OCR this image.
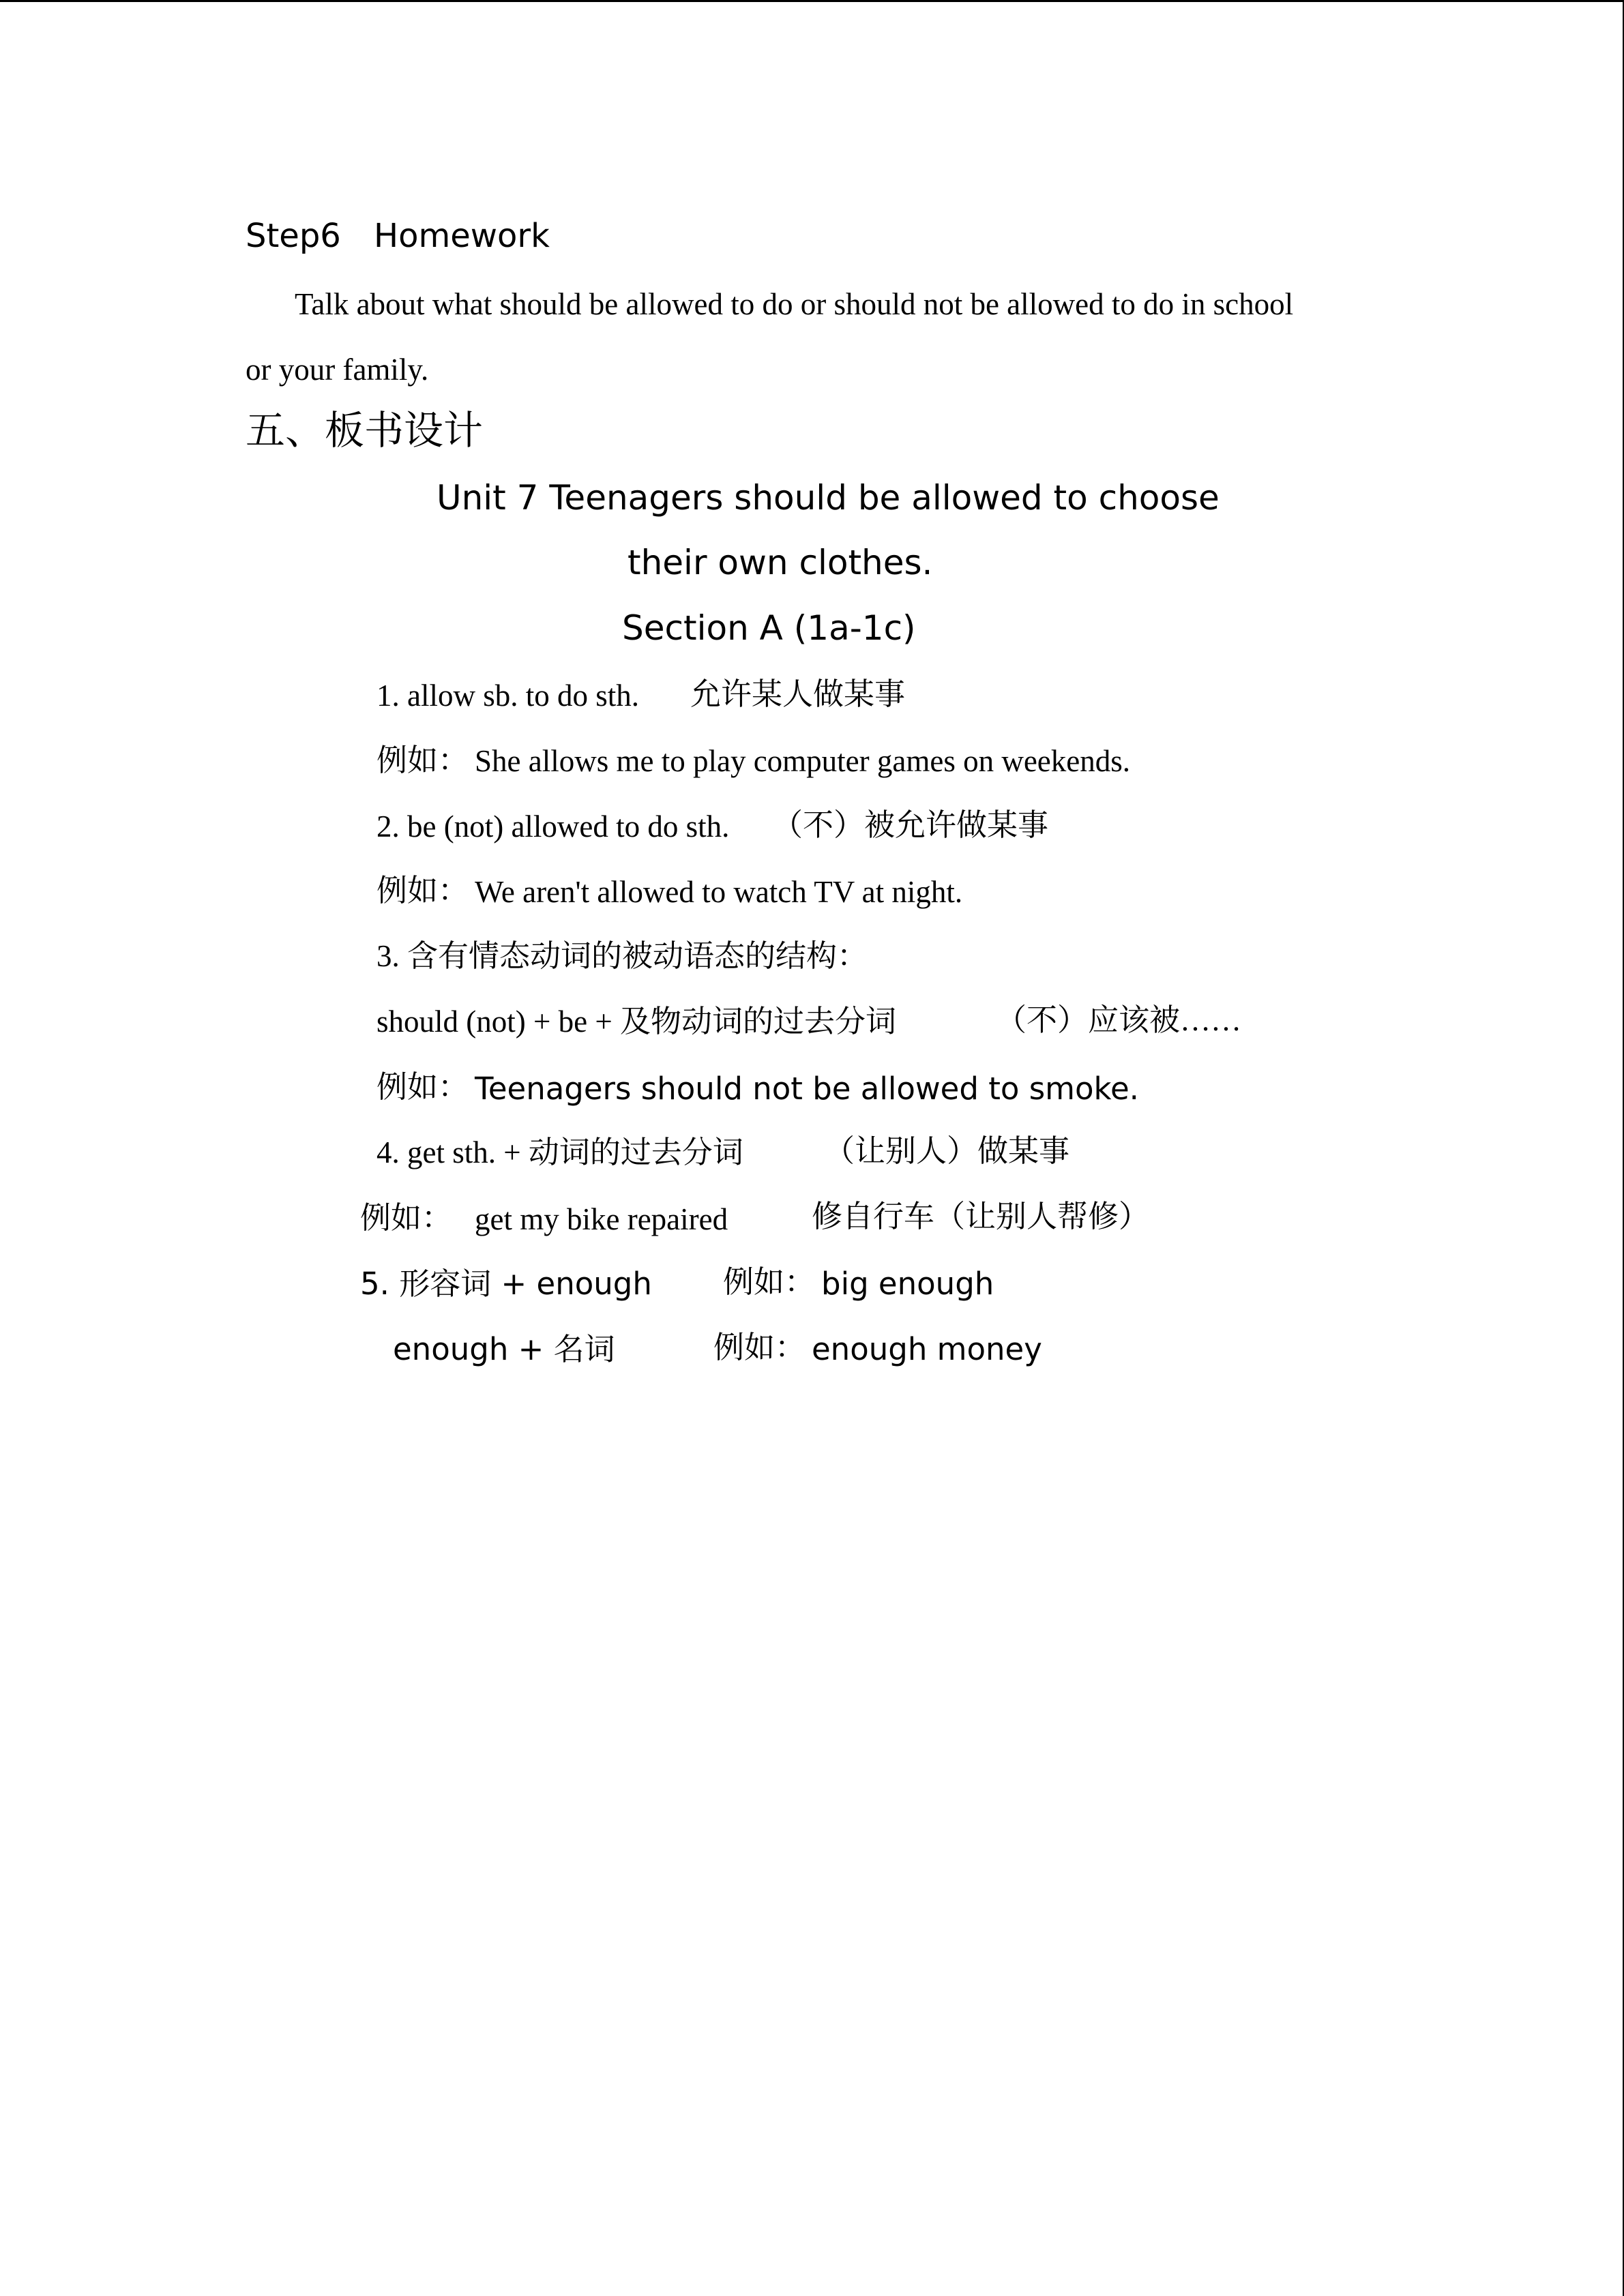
Step6 Homework
Talk about what should be allowed to do or should not be allowed to do in school
or your family.
五、板书设计
Unit 7 Teenagers should be allowed to choose
their own clothes.
Section A (1a-1c)
1. allow sb. to do sth. 允许某人做某事
例如： She allows me to play computer games on weekends.
2. be (not) allowed to do sth. （不）被允许做某事
例如： We aren't allowed to watch TV at night.
3. 含有情态动词的被动语态的结构：
should (not) + be + 及物动词的过去分词	（不）应该被……
例如： Teenagers should not be allowed to smoke.
4. get sth. + 动词的过去分词	（让别人）做某事
例如： get my bike repaired	修自行车（让别人帮修）
5. 形容词 + enough 例如： big enough
enough + 名词	例如： enough money
